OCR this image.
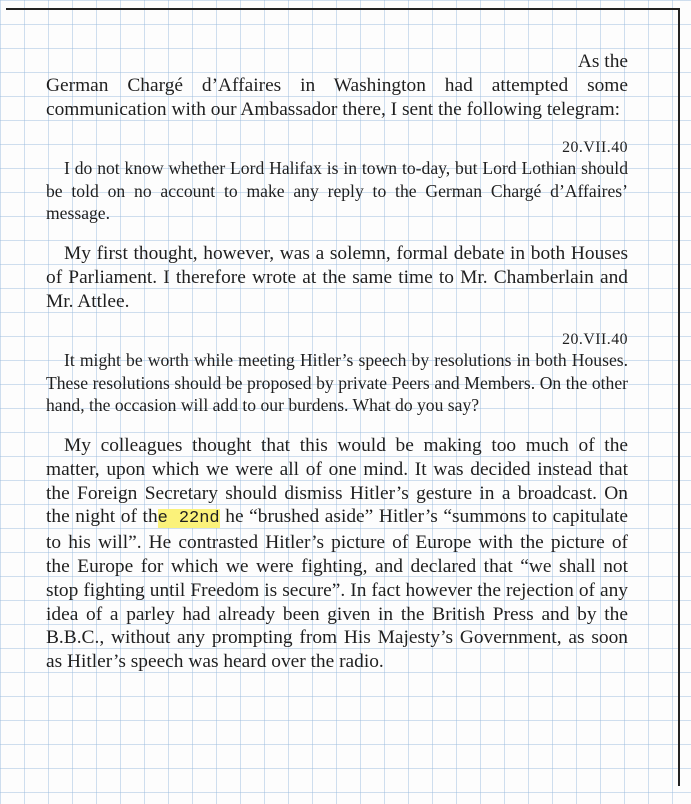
As the
German Chargé d’Affaires in Washington had attempted some communication with our Ambassador there, I sent the following telegram:

20.VII.40

I do not know whether Lord Halifax is in town to-day, but Lord Lothian should be told on no account to make any reply to the German Chargé d’Affaires’ message.

My first thought, however, was a solemn, formal debate in both Houses of Parliament. I therefore wrote at the same time to Mr. Chamberlain and Mr. Attlee.

20.VII.40

It might be worth while meeting Hitler’s speech by resolutions in both Houses. These resolutions should be proposed by private Peers and Members. On the other hand, the occasion will add to our burdens. What do you say?

My colleagues thought that this would be making too much of the matter, upon which we were all of one mind. It was decided instead that the Foreign Secretary should dismiss Hitler’s gesture in a broadcast. On the night of the 22nd he “brushed aside” Hitler’s “summons to capitulate to his will”. He contrasted Hitler’s picture of Europe with the picture of the Europe for which we were fighting, and declared that “we shall not stop fighting until Freedom is secure”. In fact however the rejection of any idea of a parley had already been given in the British Press and by the B.B.C., without any prompting from His Majesty’s Government, as soon as Hitler’s speech was heard over the radio.
